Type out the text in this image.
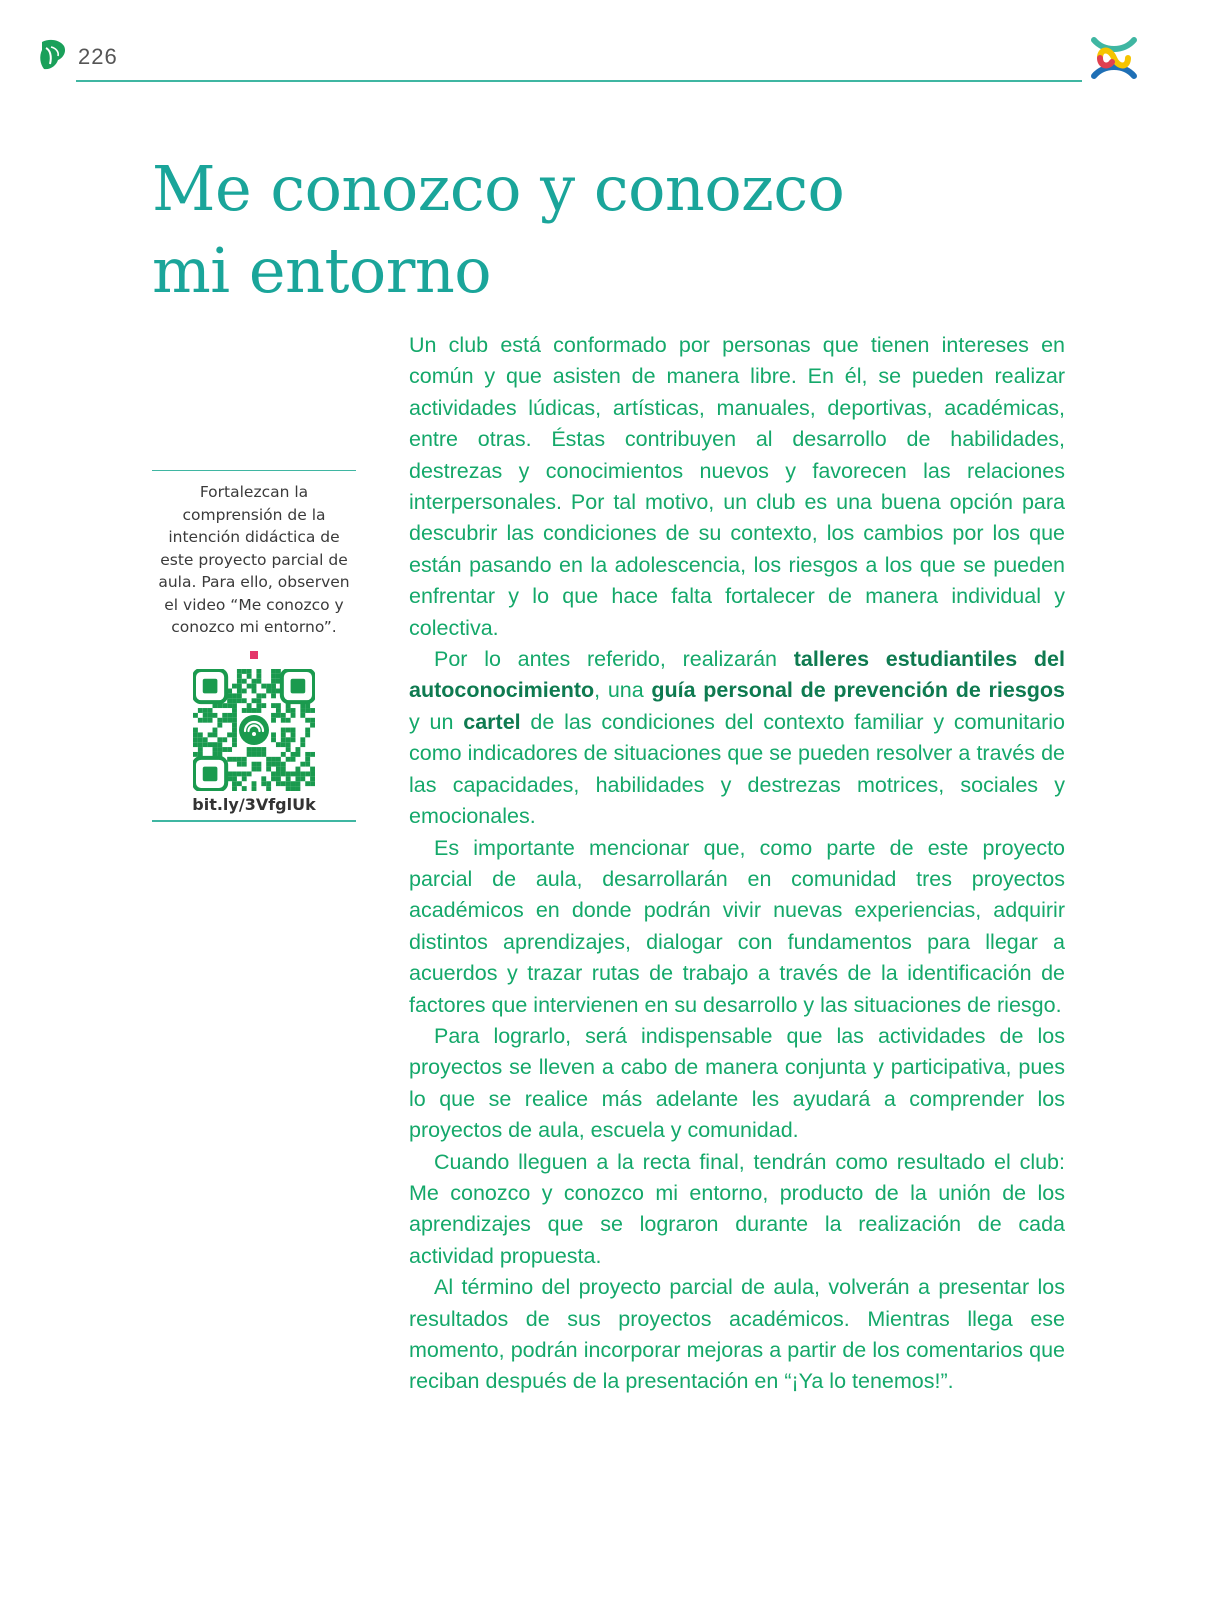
226
Me conozco y conozco
mi entorno

Fortalezcan la comprensión de la intención didáctica de este proyecto parcial de aula. Para ello, observen el video “Me conozco y conozco mi entorno”.

bit.ly/3VfglUk

Un club está conformado por personas que tienen intereses en común y que asisten de manera libre. En él, se pueden realizar actividades lúdicas, artísticas, manuales, deportivas, académicas, entre otras. Éstas contribuyen al desarrollo de habilidades, destrezas y conocimientos nuevos y favorecen las relaciones interpersonales. Por tal motivo, un club es una buena opción para descubrir las condiciones de su contexto, los cambios por los que están pasando en la adolescencia, los riesgos a los que se pueden enfrentar y lo que hace falta fortalecer de manera individual y colectiva.

Por lo antes referido, realizarán talleres estudiantiles del autoconocimiento, una guía personal de prevención de riesgos y un cartel de las condiciones del contexto familiar y comunitario como indicadores de situaciones que se pueden resolver a través de las capacidades, habilidades y destrezas motrices, sociales y emocionales.

Es importante mencionar que, como parte de este proyecto parcial de aula, desarrollarán en comunidad tres proyectos académicos en donde podrán vivir nuevas experiencias, adquirir distintos aprendizajes, dialogar con fundamentos para llegar a acuerdos y trazar rutas de trabajo a través de la identificación de factores que intervienen en su desarrollo y las situaciones de riesgo.

Para lograrlo, será indispensable que las actividades de los proyectos se lleven a cabo de manera conjunta y participativa, pues lo que se realice más adelante les ayudará a comprender los proyectos de aula, escuela y comunidad.

Cuando lleguen a la recta final, tendrán como resultado el club: Me conozco y conozco mi entorno, producto de la unión de los aprendizajes que se lograron durante la realización de cada actividad propuesta.

Al término del proyecto parcial de aula, volverán a presentar los resultados de sus proyectos académicos. Mientras llega ese momento, podrán incorporar mejoras a partir de los comentarios que reciban después de la presentación en “¡Ya lo tenemos!”.
